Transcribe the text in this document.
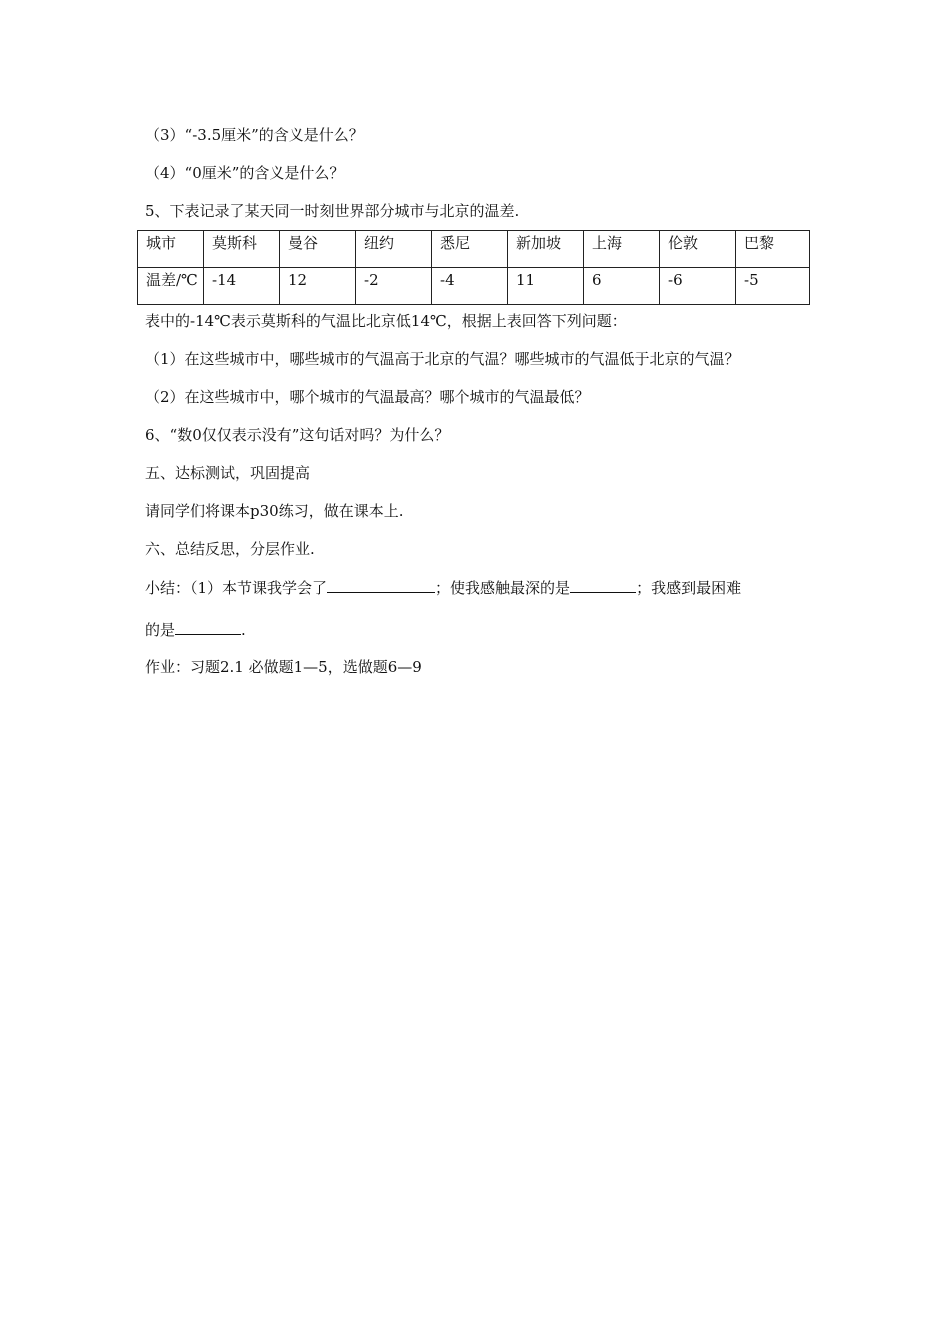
（3）“-3.5厘米”的含义是什么？

（4）“0厘米”的含义是什么？

5、下表记录了某天同一时刻世界部分城市与北京的温差.

城市	莫斯科	曼谷	纽约	悉尼	新加坡	上海	伦敦	巴黎
温差/℃	-14	12	-2	-4	11	6	-6	-5

表中的-14℃表示莫斯科的气温比北京低14℃，根据上表回答下列问题：

（1）在这些城市中，哪些城市的气温高于北京的气温？哪些城市的气温低于北京的气温？

（2）在这些城市中，哪个城市的气温最高？哪个城市的气温最低？

6、“数0仅仅表示没有”这句话对吗？为什么？

五、达标测试，巩固提高

请同学们将课本p30练习，做在课本上.

六、总结反思，分层作业.

小结：（1）本节课我学会了	；使我感触最深的是	；我感到最困难

的是	.

作业：习题2.1 必做题1—5，选做题6—9
